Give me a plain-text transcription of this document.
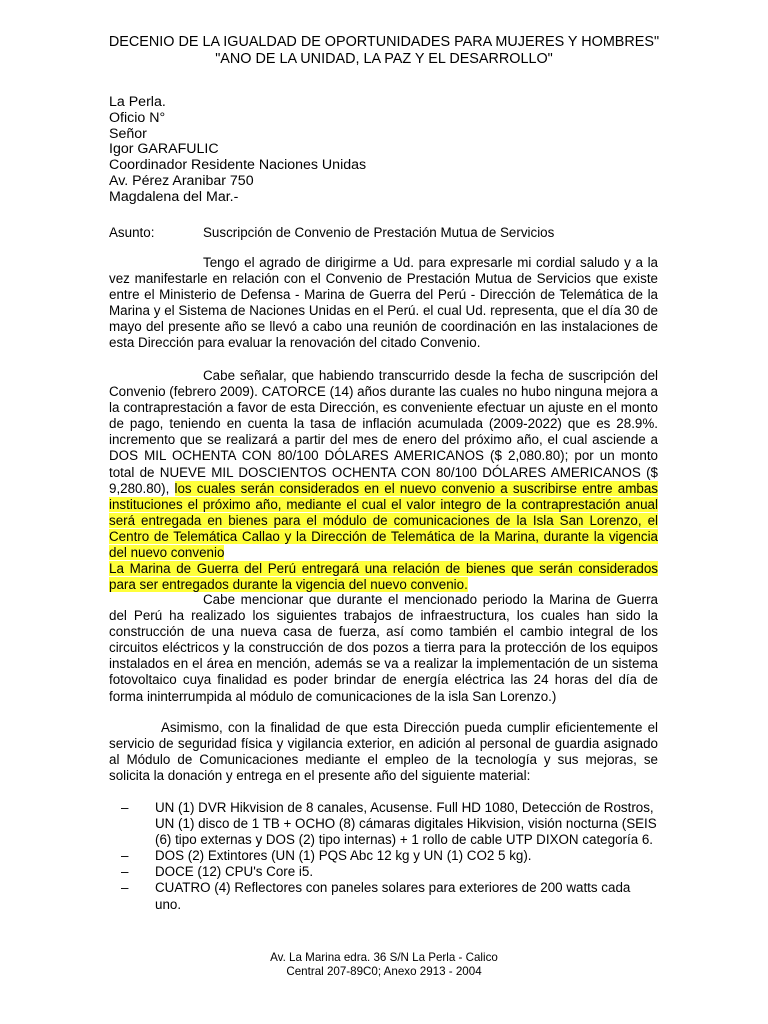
DECENIO DE LA IGUALDAD DE OPORTUNIDADES PARA MUJERES Y HOMBRES"
"ANO DE LA UNIDAD, LA PAZ Y EL DESARROLLO"
La Perla.
Oficio N°
Señor
Igor GARAFULIC
Coordinador Residente Naciones Unidas
Av. Pérez Aranibar 750
Magdalena del Mar.-
Asunto:	Suscripción de Convenio de Prestación Mutua de Servicios

Tengo el agrado de dirigirme a Ud. para expresarle mi cordial saludo y a la vez manifestarle en relación con el Convenio de Prestación Mutua de Servicios que existe entre el Ministerio de Defensa - Marina de Guerra del Perú - Dirección de Telemática de la Marina y el Sistema de Naciones Unidas en el Perú. el cual Ud. representa, que el día 30 de mayo del presente año se llevó a cabo una reunión de coordinación en las instalaciones de esta Dirección para evaluar la renovación del citado Convenio.

Cabe señalar, que habiendo transcurrido desde la fecha de suscripción del Convenio (febrero 2009). CATORCE (14) años durante las cuales no hubo ninguna mejora a la contraprestación a favor de esta Dirección, es conveniente efectuar un ajuste en el monto de pago, teniendo en cuenta la tasa de inflación acumulada (2009-2022) que es 28.9%. incremento que se realizará a partir del mes de enero del próximo año, el cual asciende a DOS MIL OCHENTA CON 80/100 DÓLARES AMERICANOS ($ 2,080.80); por un monto total de NUEVE MIL DOSCIENTOS OCHENTA CON 80/100 DÓLARES AMERICANOS ($ 9,280.80), los cuales serán considerados en el nuevo convenio a suscribirse entre ambas instituciones el próximo año, mediante el cual el valor integro de la contraprestación anual será entregada en bienes para el módulo de comunicaciones de la Isla San Lorenzo, el Centro de Telemática Callao y la Dirección de Telemática de la Marina, durante la vigencia del nuevo convenio
La Marina de Guerra del Perú entregará una relación de bienes que serán considerados para ser entregados durante la vigencia del nuevo convenio.

Cabe mencionar que durante el mencionado periodo la Marina de Guerra del Perú ha realizado los siguientes trabajos de infraestructura, los cuales han sido la construcción de una nueva casa de fuerza, así como también el cambio integral de los circuitos eléctricos y la construcción de dos pozos a tierra para la protección de los equipos instalados en el área en mención, además se va a realizar la implementación de un sistema fotovoltaico cuya finalidad es poder brindar de energía eléctrica las 24 horas del día de forma ininterrumpida al módulo de comunicaciones de la isla San Lorenzo.)

Asimismo, con la finalidad de que esta Dirección pueda cumplir eficientemente el servicio de seguridad física y vigilancia exterior, en adición al personal de guardia asignado al Módulo de Comunicaciones mediante el empleo de la tecnología y sus mejoras, se solicita la donación y entrega en el presente año del siguiente material:

– UN (1) DVR Hikvision de 8 canales, Acusense. Full HD 1080, Detección de Rostros, UN (1) disco de 1 TB + OCHO (8) cámaras digitales Hikvision, visión nocturna (SEIS (6) tipo externas y DOS (2) tipo internas) + 1 rollo de cable UTP DIXON categoría 6.
– DOS (2) Extintores (UN (1) PQS Abc 12 kg y UN (1) CO2 5 kg).
– DOCE (12) CPU's Core i5.
– CUATRO (4) Reflectores con paneles solares para exteriores de 200 watts cada uno.
Av. La Marina edra. 36 S/N La Perla - Calico
Central 207-89C0; Anexo 2913 - 2004
